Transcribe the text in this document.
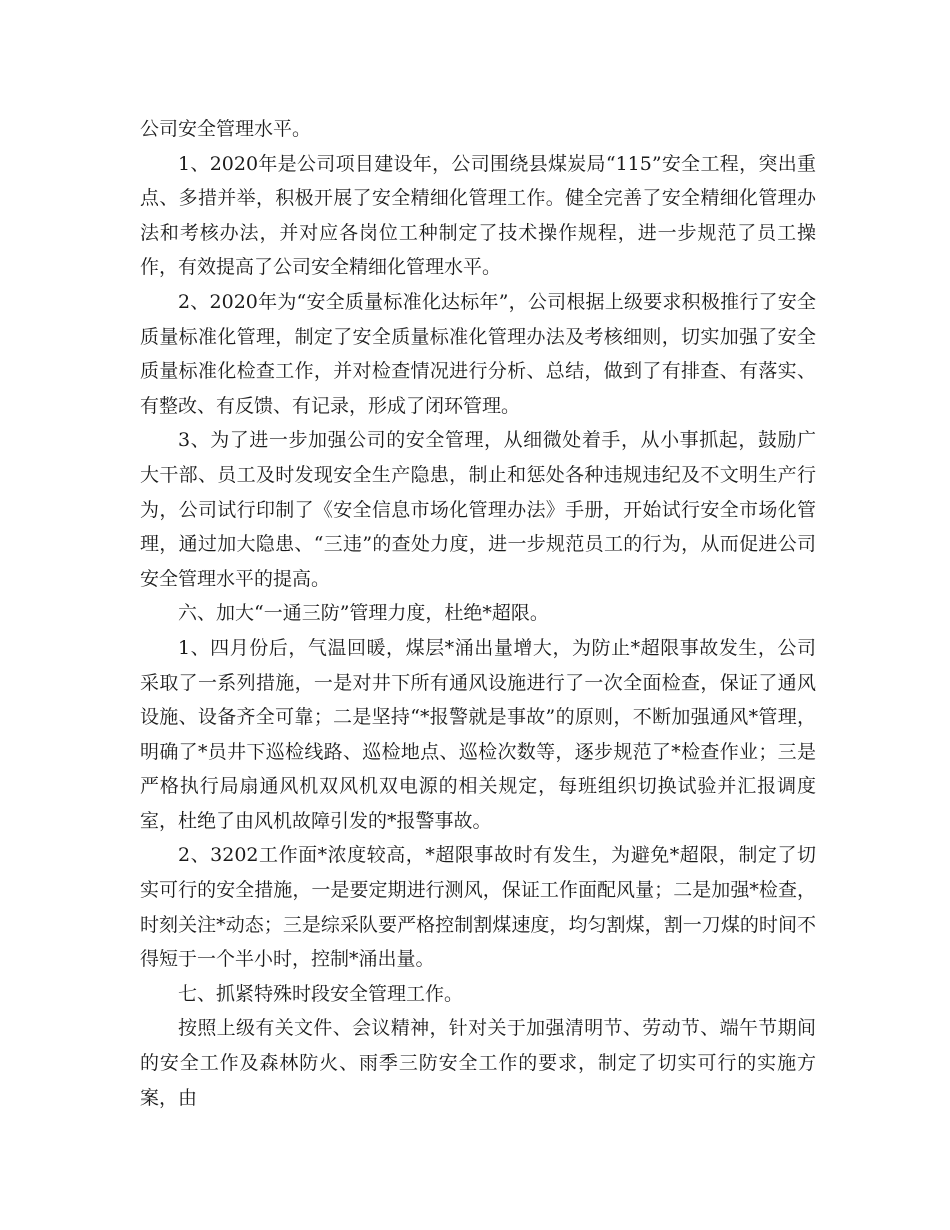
公司安全管理水平。

1、2020年是公司项目建设年，公司围绕县煤炭局“115”安全工程，突出重点、多措并举，积极开展了安全精细化管理工作。健全完善了安全精细化管理办法和考核办法，并对应各岗位工种制定了技术操作规程，进一步规范了员工操作，有效提高了公司安全精细化管理水平。

2、2020年为“安全质量标准化达标年”，公司根据上级要求积极推行了安全质量标准化管理，制定了安全质量标准化管理办法及考核细则，切实加强了安全质量标准化检查工作，并对检查情况进行分析、总结，做到了有排查、有落实、有整改、有反馈、有记录，形成了闭环管理。

3、为了进一步加强公司的安全管理，从细微处着手，从小事抓起，鼓励广大干部、员工及时发现安全生产隐患，制止和惩处各种违规违纪及不文明生产行为，公司试行印制了《安全信息市场化管理办法》手册，开始试行安全市场化管理，通过加大隐患、“三违”的查处力度，进一步规范员工的行为，从而促进公司安全管理水平的提高。

六、加大“一通三防”管理力度，杜绝*超限。

1、四月份后，气温回暖，煤层*涌出量增大，为防止*超限事故发生，公司采取了一系列措施，一是对井下所有通风设施进行了一次全面检查，保证了通风设施、设备齐全可靠；二是坚持“*报警就是事故”的原则，不断加强通风*管理，明确了*员井下巡检线路、巡检地点、巡检次数等，逐步规范了*检查作业；三是严格执行局扇通风机双风机双电源的相关规定，每班组织切换试验并汇报调度室，杜绝了由风机故障引发的*报警事故。

2、3202工作面*浓度较高，*超限事故时有发生，为避免*超限，制定了切实可行的安全措施，一是要定期进行测风，保证工作面配风量；二是加强*检查，时刻关注*动态；三是综采队要严格控制割煤速度，均匀割煤，割一刀煤的时间不得短于一个半小时，控制*涌出量。

七、抓紧特殊时段安全管理工作。

按照上级有关文件、会议精神，针对关于加强清明节、劳动节、端午节期间的安全工作及森林防火、雨季三防安全工作的要求，制定了切实可行的实施方案，由
